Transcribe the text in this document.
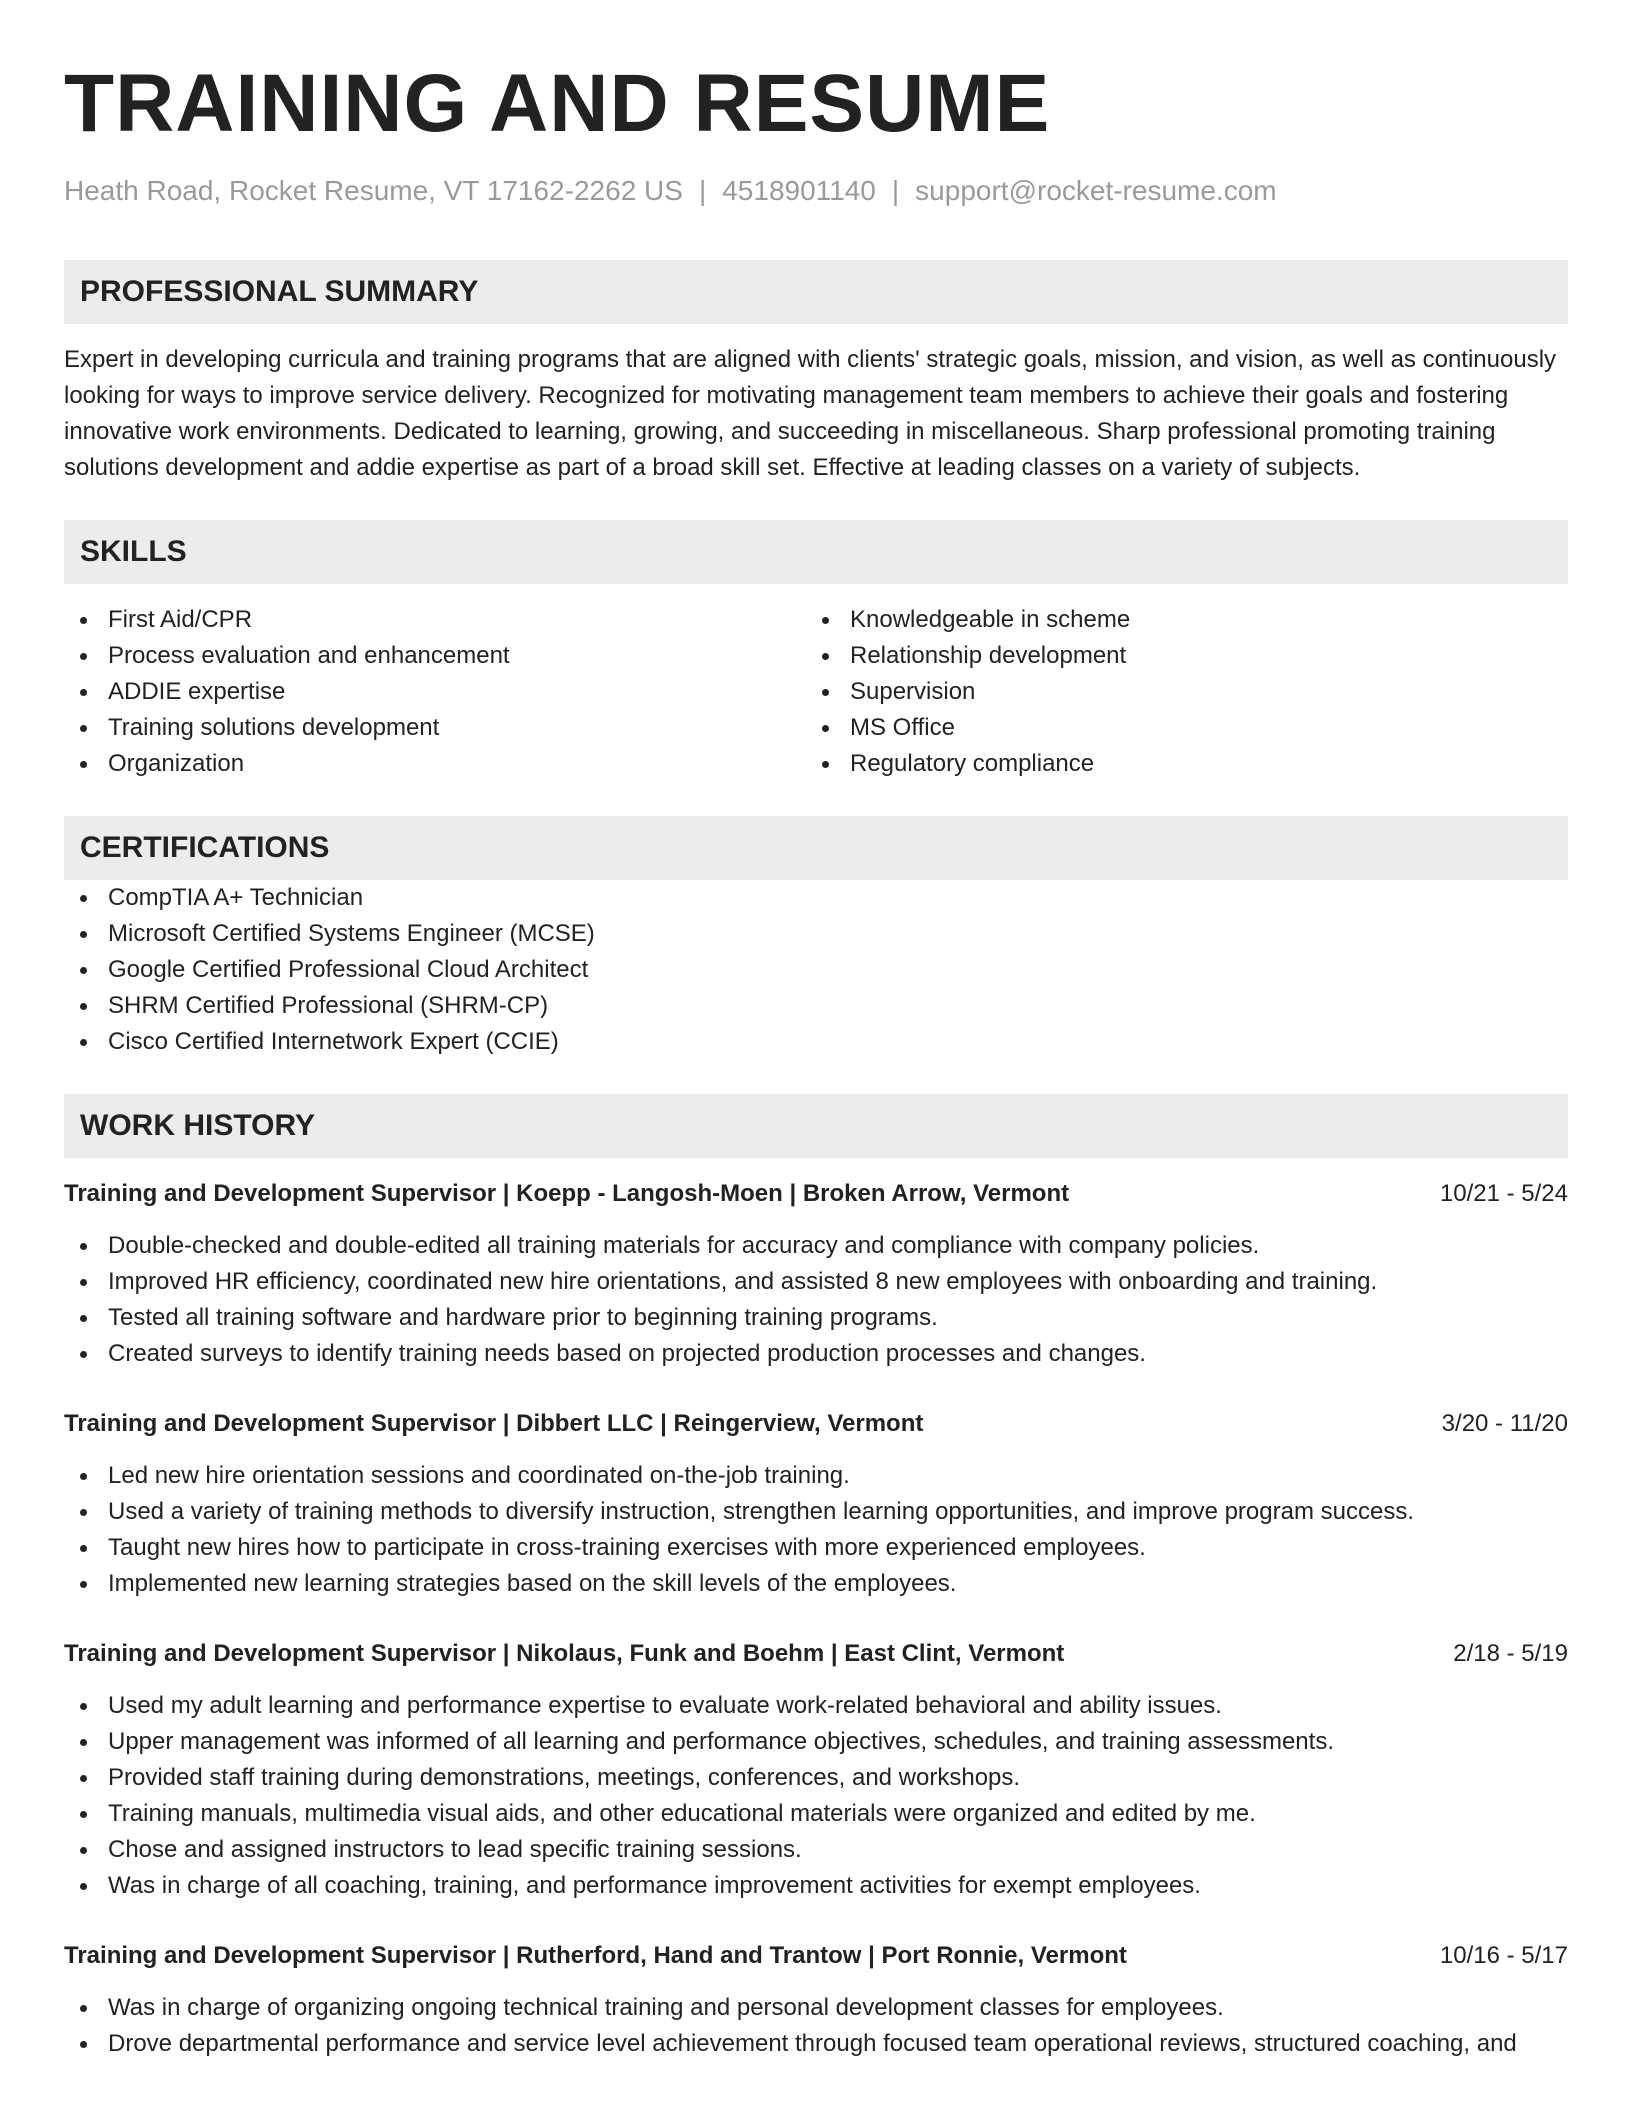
TRAINING AND RESUME
Heath Road, Rocket Resume, VT 17162-2262 US | 4518901140 | support@rocket-resume.com
PROFESSIONAL SUMMARY

Expert in developing curricula and training programs that are aligned with clients' strategic goals, mission, and vision, as well as continuously looking for ways to improve service delivery. Recognized for motivating management team members to achieve their goals and fostering innovative work environments. Dedicated to learning, growing, and succeeding in miscellaneous. Sharp professional promoting training solutions development and addie expertise as part of a broad skill set. Effective at leading classes on a variety of subjects.

SKILLS
First Aid/CPR
Process evaluation and enhancement
ADDIE expertise
Training solutions development
Organization
Knowledgeable in scheme
Relationship development
Supervision
MS Office
Regulatory compliance
CERTIFICATIONS
CompTIA A+ Technician
Microsoft Certified Systems Engineer (MCSE)
Google Certified Professional Cloud Architect
SHRM Certified Professional (SHRM-CP)
Cisco Certified Internetwork Expert (CCIE)
WORK HISTORY
Training and Development Supervisor | Koepp - Langosh-Moen | Broken Arrow, Vermont	10/21 - 5/24
Double-checked and double-edited all training materials for accuracy and compliance with company policies.
Improved HR efficiency, coordinated new hire orientations, and assisted 8 new employees with onboarding and training.
Tested all training software and hardware prior to beginning training programs.
Created surveys to identify training needs based on projected production processes and changes.
Training and Development Supervisor | Dibbert LLC | Reingerview, Vermont	3/20 - 11/20
Led new hire orientation sessions and coordinated on-the-job training.
Used a variety of training methods to diversify instruction, strengthen learning opportunities, and improve program success.
Taught new hires how to participate in cross-training exercises with more experienced employees.
Implemented new learning strategies based on the skill levels of the employees.
Training and Development Supervisor | Nikolaus, Funk and Boehm | East Clint, Vermont	2/18 - 5/19
Used my adult learning and performance expertise to evaluate work-related behavioral and ability issues.
Upper management was informed of all learning and performance objectives, schedules, and training assessments.
Provided staff training during demonstrations, meetings, conferences, and workshops.
Training manuals, multimedia visual aids, and other educational materials were organized and edited by me.
Chose and assigned instructors to lead specific training sessions.
Was in charge of all coaching, training, and performance improvement activities for exempt employees.
Training and Development Supervisor | Rutherford, Hand and Trantow | Port Ronnie, Vermont	10/16 - 5/17
Was in charge of organizing ongoing technical training and personal development classes for employees.
Drove departmental performance and service level achievement through focused team operational reviews, structured coaching, and
